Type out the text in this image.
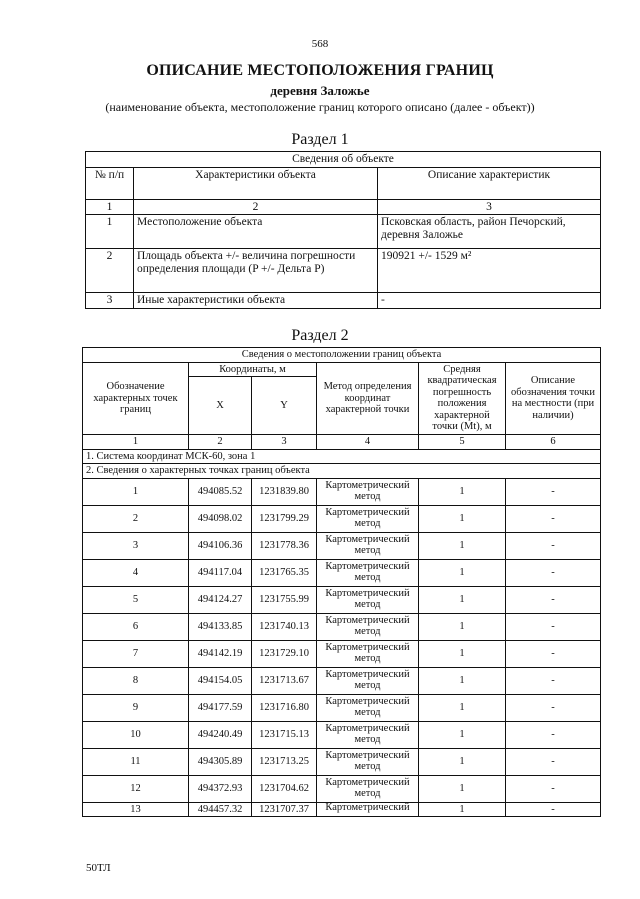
568
ОПИСАНИЕ МЕСТОПОЛОЖЕНИЯ ГРАНИЦ
деревня Заложье
(наименование объекта, местоположение границ которого описано (далее - объект))
Раздел 1
Сведения об объекте		
№ п/п	Характеристики объекта	Описание характеристик
1	2	3
1	Местоположение объекта	Псковская область, район Печорский, деревня Заложье
2	Площадь объекта +/- величина погрешности определения площади (P +/- Дельта P)	190921 +/- 1529 м²
3	Иные характеристики объекта	-
Раздел 2
Сведения о местоположении границ объекта					
Обозначение характерных точек границ	Координаты, м		Метод определения координат характерной точки	Средняя квадратическая погрешность положения характерной точки (Mt), м	Описание обозначения точки на местности (при наличии)
	X	Y			
1	2	3	4	5	6
1. Система координат МСК-60, зона 1					
2. Сведения о характерных точках границ объекта					
1	494085.52	1231839.80	Картометрический метод	1	-
2	494098.02	1231799.29	Картометрический метод	1	-
3	494106.36	1231778.36	Картометрический метод	1	-
4	494117.04	1231765.35	Картометрический метод	1	-
5	494124.27	1231755.99	Картометрический метод	1	-
6	494133.85	1231740.13	Картометрический метод	1	-
7	494142.19	1231729.10	Картометрический метод	1	-
8	494154.05	1231713.67	Картометрический метод	1	-
9	494177.59	1231716.80	Картометрический метод	1	-
10	494240.49	1231715.13	Картометрический метод	1	-
11	494305.89	1231713.25	Картометрический метод	1	-
12	494372.93	1231704.62	Картометрический метод	1	-
13	494457.32	1231707.37	Картометрический	1	-
50ТЛ
